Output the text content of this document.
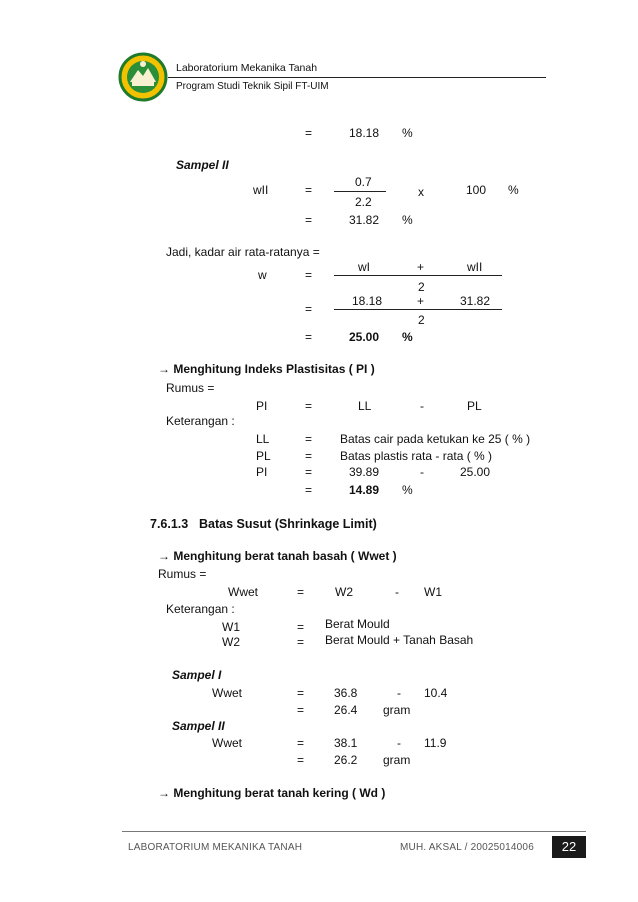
Laboratorium Mekanika Tanah
Program Studi Teknik Sipil FT-UIM
=	18.18 %
Sampel II
wII	=
0.7
2.2
x	100 %
=	31.82 %
Jadi, kadar air rata-ratanya =
w	=
wI	+	wII
2
=
18.18	+	31.82
2
=	25.00 %
→ Menghitung Indeks Plastisitas ( PI )
Rumus =
PI	=	LL	-	PL
Keterangan :
LL	= Batas cair pada ketukan ke 25 ( % )
PL	= Batas plastis rata - rata ( % )
PI	=	39.89	-	25.00
=	14.89 %
7.6.1.3 Batas Susut (Shrinkage Limit)
→ Menghitung berat tanah basah ( Wwet )
Rumus =
Wwet	=	W2	- W1
Keterangan :
W1	= Berat Mould
W2	= Berat Mould + Tanah Basah
Sampel I
Wwet	= 36.8	- 10.4
= 26.4 gram
Sampel II
Wwet	= 38.1	- 11.9
= 26.2 gram
→ Menghitung berat tanah kering ( Wd )
LABORATORIUM MEKANIKA TANAH	MUH. AKSAL / 20025014006	22
